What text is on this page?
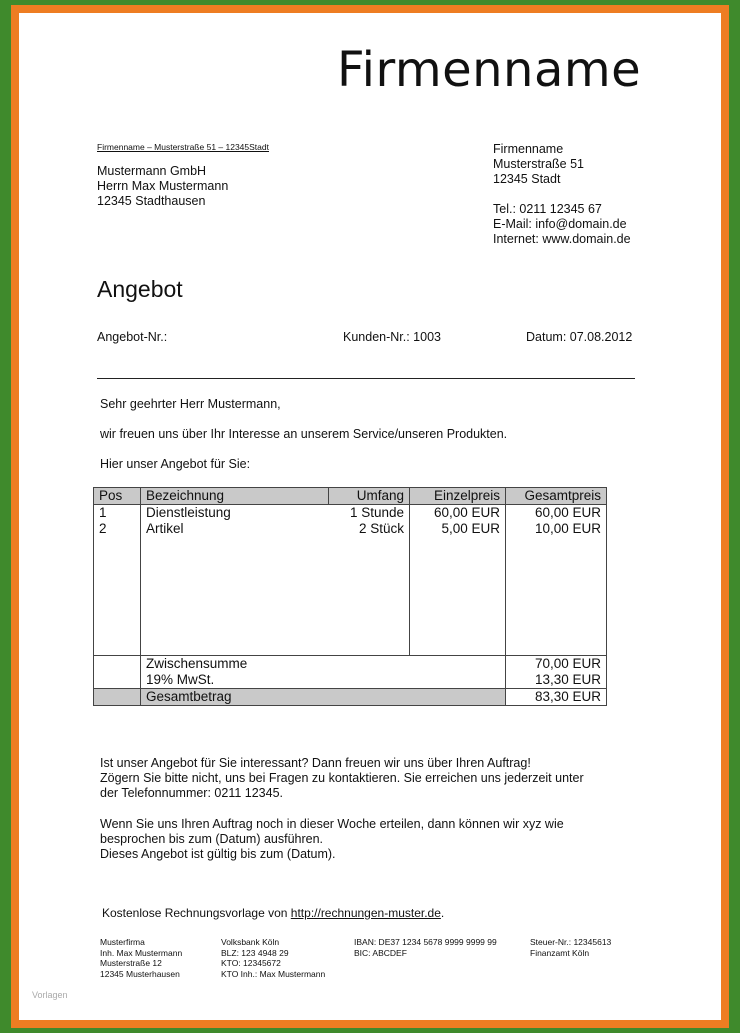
Firmenname
Firmenname – Musterstraße 51 – 12345Stadt
Mustermann GmbH
Herrn Max Mustermann
12345 Stadthausen
Firmenname
Musterstraße 51
12345 Stadt
Tel.: 0211 12345 67
E-Mail: info@domain.de
Internet: www.domain.de
Angebot
Angebot-Nr.:	Kunden-Nr.: 1003	Datum: 07.08.2012
Sehr geehrter Herr Mustermann,
wir freuen uns über Ihr Interesse an unserem Service/unseren Produkten.
Hier unser Angebot für Sie:
Pos	Bezeichnung	Umfang	Einzelpreis	Gesamtpreis
1	Dienstleistung	1 Stunde	60,00 EUR	60,00 EUR
2	Artikel	2 Stück	5,00 EUR	10,00 EUR

	Zwischensumme			70,00 EUR
	19% MwSt.			13,30 EUR
	Gesamtbetrag			83,30 EUR
Ist unser Angebot für Sie interessant? Dann freuen wir uns über Ihren Auftrag!
Zögern Sie bitte nicht, uns bei Fragen zu kontaktieren. Sie erreichen uns jederzeit unter
der Telefonnummer: 0211 12345.
Wenn Sie uns Ihren Auftrag noch in dieser Woche erteilen, dann können wir xyz wie
besprochen bis zum (Datum) ausführen.
Dieses Angebot ist gültig bis zum (Datum).
Kostenlose Rechnungsvorlage von http://rechnungen-muster.de.
Musterfirma
Inh. Max Mustermann
Musterstraße 12
12345 Musterhausen
Volksbank Köln
BLZ: 123 4948 29
KTO: 12345672
KTO Inh.: Max Mustermann
IBAN: DE37 1234 5678 9999 9999 99
BIC: ABCDEF
Steuer-Nr.: 12345613
Finanzamt Köln
Vorlagen
